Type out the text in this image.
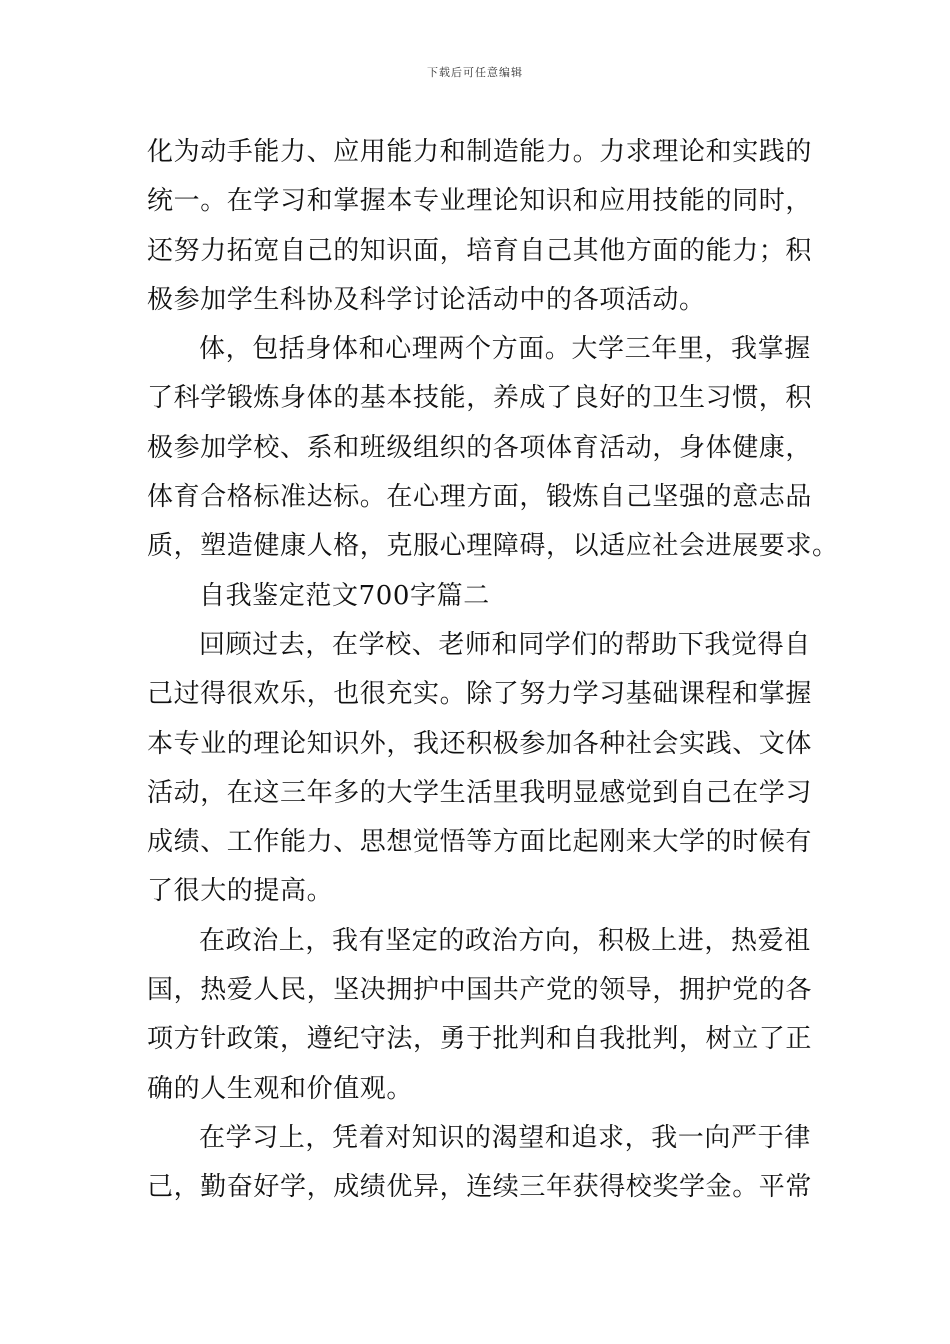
下载后可任意编辑
化为动手能力、应用能力和制造能力。力求理论和实践的
统一。在学习和掌握本专业理论知识和应用技能的同时，
还努力拓宽自己的知识面，培育自己其他方面的能力；积
极参加学生科协及科学讨论活动中的各项活动。
体，包括身体和心理两个方面。大学三年里，我掌握
了科学锻炼身体的基本技能，养成了良好的卫生习惯，积
极参加学校、系和班级组织的各项体育活动，身体健康，
体育合格标准达标。在心理方面，锻炼自己坚强的意志品
质，塑造健康人格，克服心理障碍，以适应社会进展要求。
自我鉴定范文700字篇二
回顾过去，在学校、老师和同学们的帮助下我觉得自
己过得很欢乐，也很充实。除了努力学习基础课程和掌握
本专业的理论知识外，我还积极参加各种社会实践、文体
活动，在这三年多的大学生活里我明显感觉到自己在学习
成绩、工作能力、思想觉悟等方面比起刚来大学的时候有
了很大的提高。
在政治上，我有坚定的政治方向，积极上进，热爱祖
国，热爱人民，坚决拥护中国共产党的领导，拥护党的各
项方针政策，遵纪守法，勇于批判和自我批判，树立了正
确的人生观和价值观。
在学习上，凭着对知识的渴望和追求，我一向严于律
己，勤奋好学，成绩优异，连续三年获得校奖学金。平常
